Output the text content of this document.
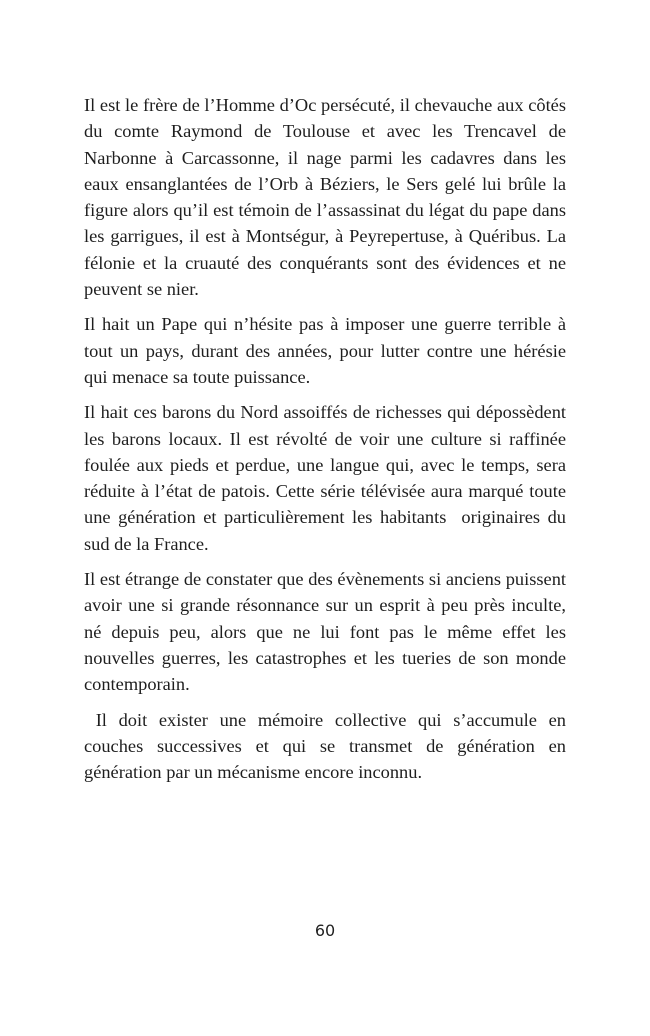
Il est le frère de l’Homme d’Oc persécuté, il chevauche aux côtés du comte Raymond de Toulouse et avec les Trencavel de Narbonne à Carcassonne, il nage parmi les cadavres dans les eaux ensanglantées de l’Orb à Béziers, le Sers gelé lui brûle la figure alors qu’il est témoin de l’assassinat du légat du pape dans les garrigues, il est à Montségur, à Peyrepertuse, à Quéribus. La félonie et la cruauté des conquérants sont des évidences et ne peuvent se nier.

Il hait un Pape qui n’hésite pas à imposer une guerre terrible à tout un pays, durant des années, pour lutter contre une hérésie qui menace sa toute puissance.

Il hait ces barons du Nord assoiffés de richesses qui dépossèdent les barons locaux. Il est révolté de voir une culture si raffinée foulée aux pieds et perdue, une langue qui, avec le temps, sera réduite à l’état de patois. Cette série télévisée aura marqué toute une génération et particulièrement les habitants  originaires du sud de la France.

Il est étrange de constater que des évènements si anciens puissent avoir une si grande résonnance sur un esprit à peu près inculte, né depuis peu, alors que ne lui font pas le même effet les nouvelles guerres, les catastrophes et les tueries de son monde contemporain.

Il doit exister une mémoire collective qui s’accumule en couches successives et qui se transmet de génération en génération par un mécanisme encore inconnu.

60
